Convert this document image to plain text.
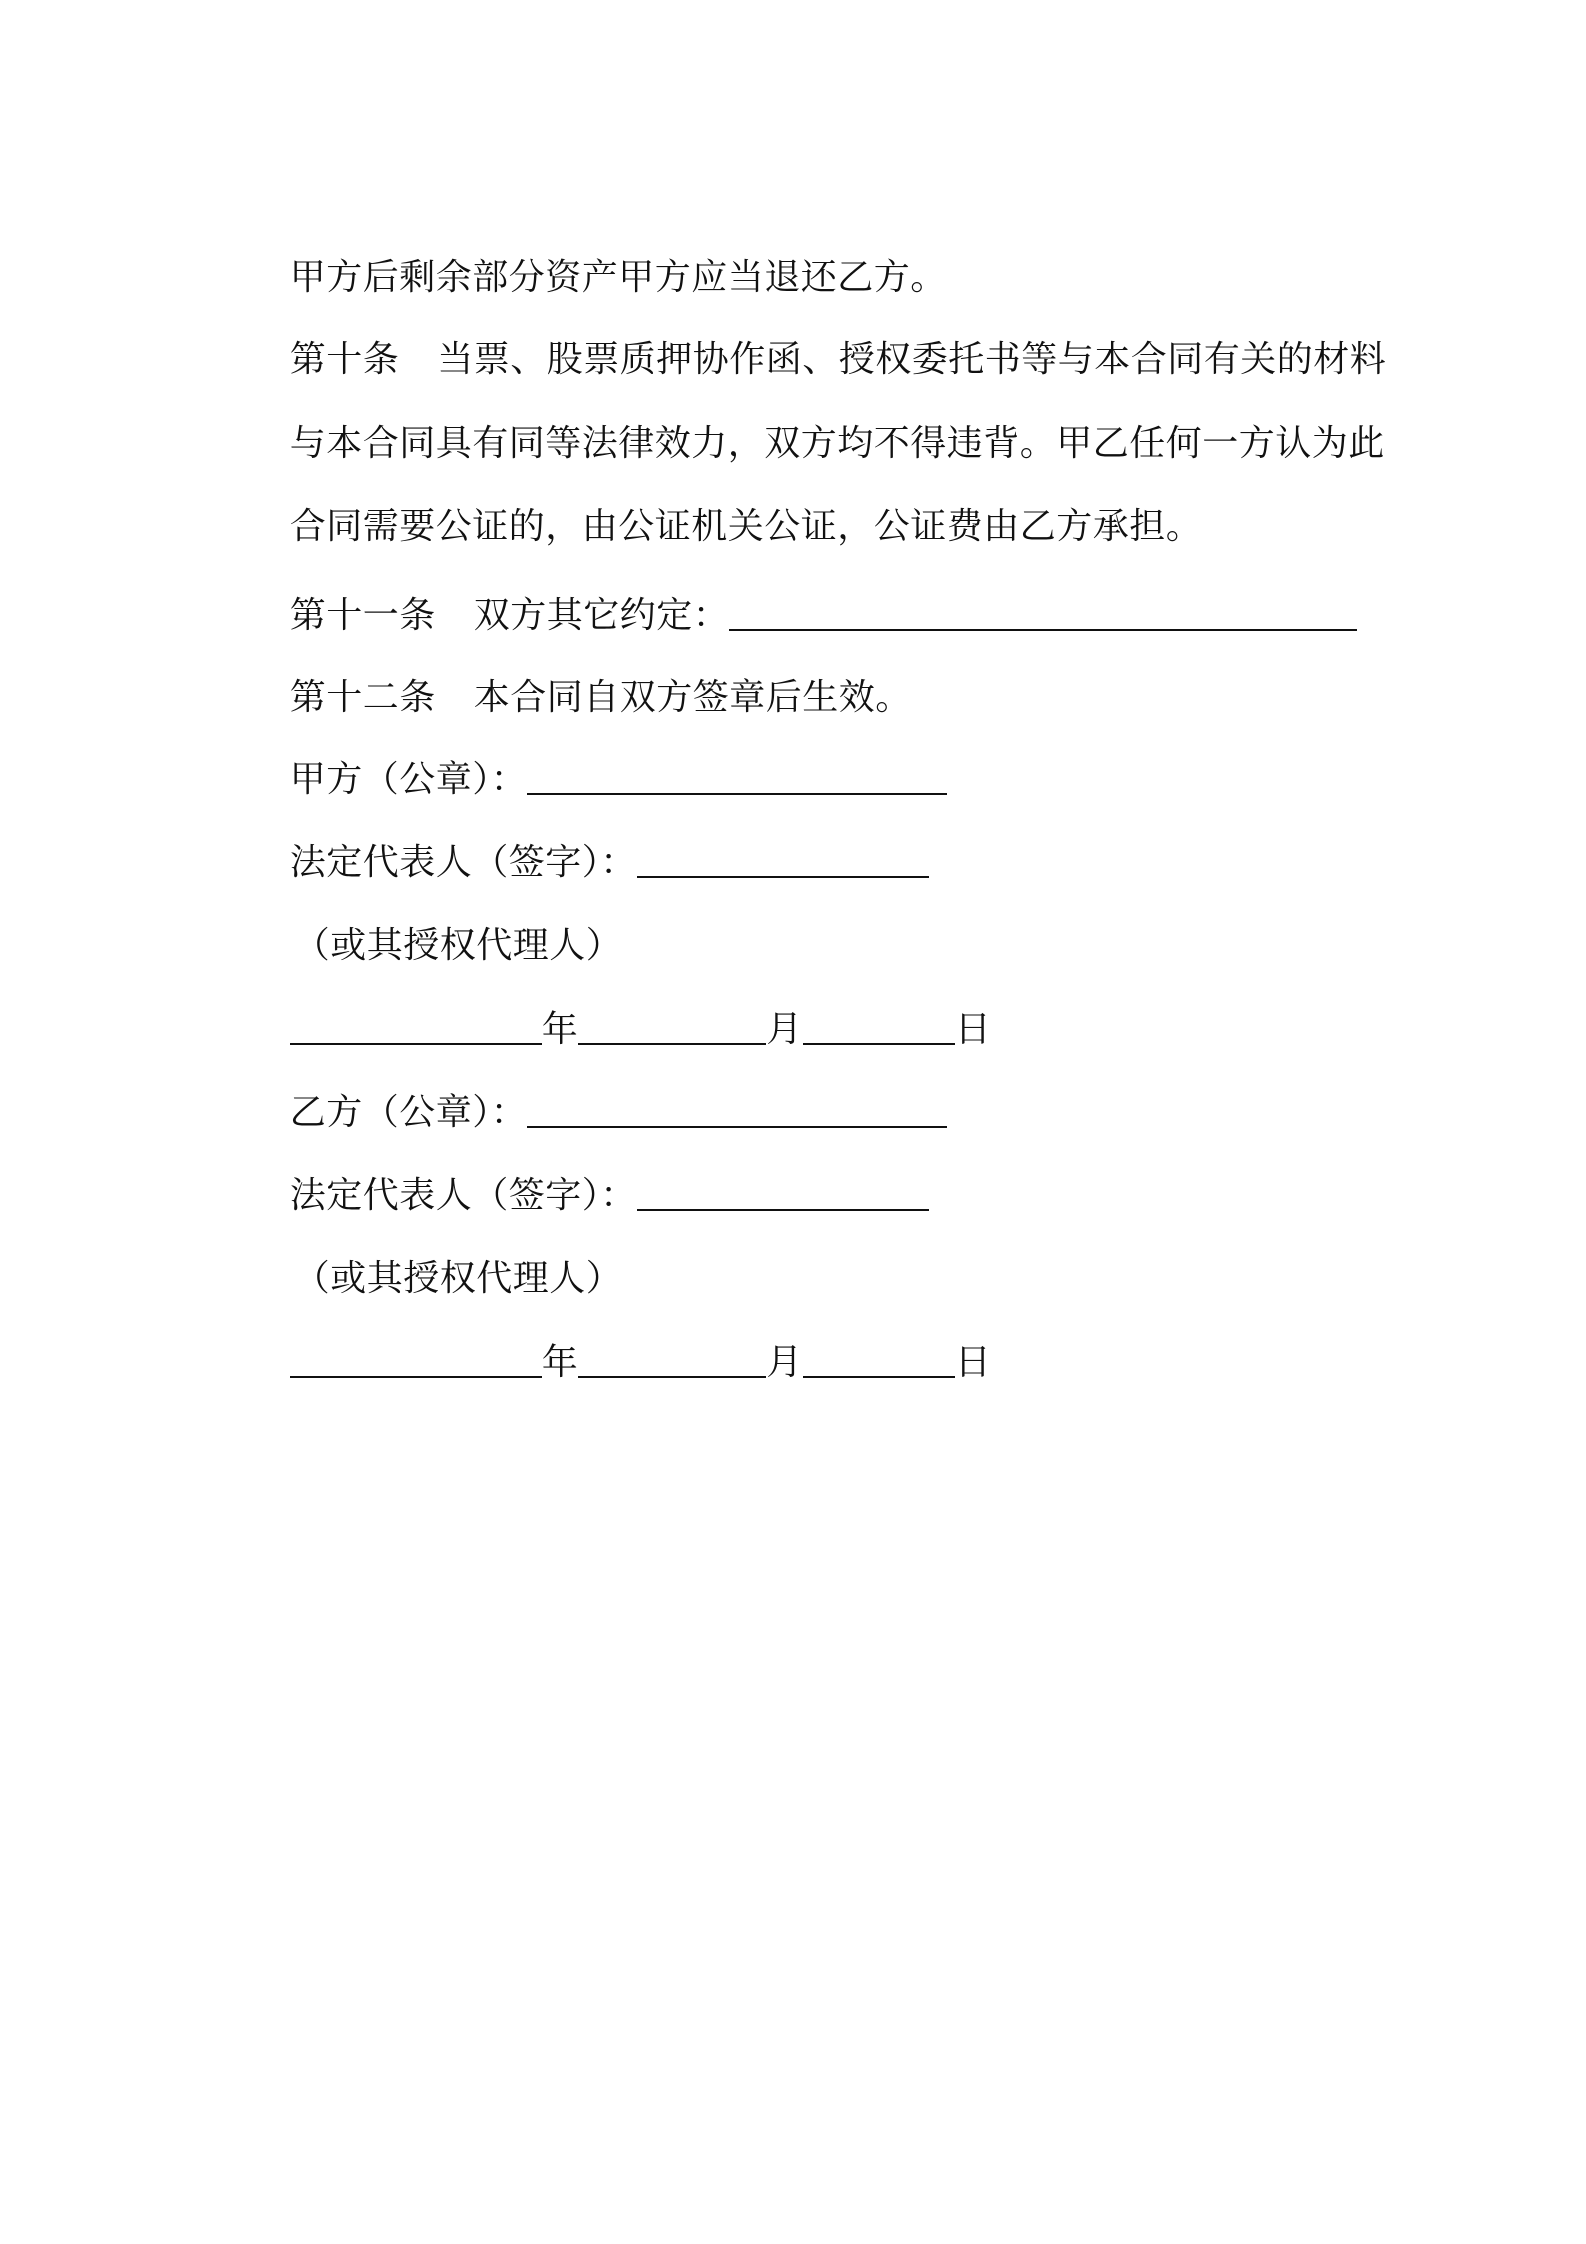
甲方后剩余部分资产甲方应当退还乙方。

第十条 当票、股票质押协作函、授权委托书等与本合同有关的材料

与本合同具有同等法律效力，双方均不得违背。甲乙任何一方认为此

合同需要公证的，由公证机关公证，公证费由乙方承担。

第十一条 双方其它约定：

第十二条 本合同自双方签章后生效。

甲方（公章）：

法定代表人（签字）：

（或其授权代理人）

年	月	日

乙方（公章）：

法定代表人（签字）：

（或其授权代理人）

年	月	日
